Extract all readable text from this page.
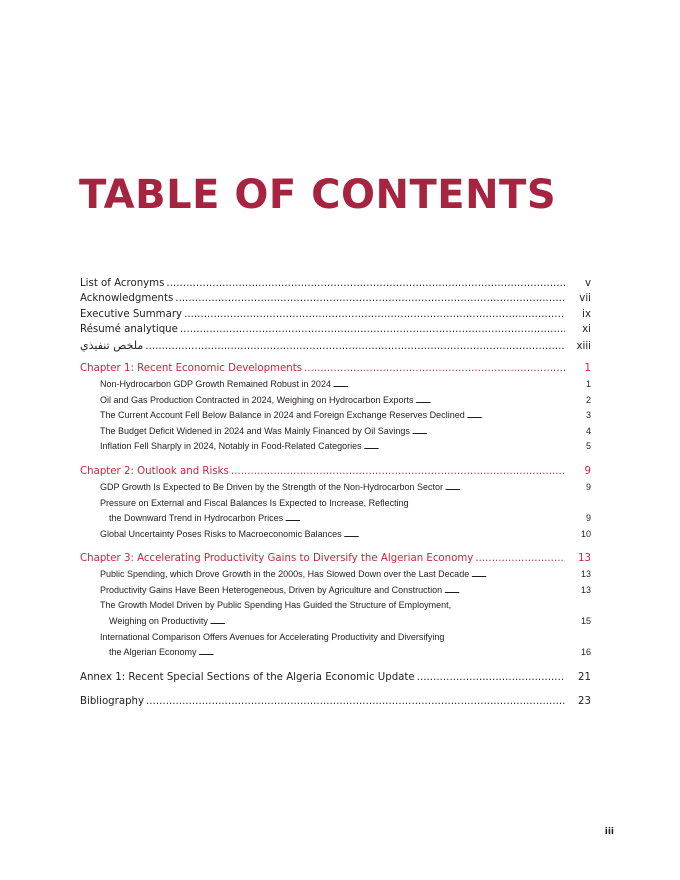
TABLE OF CONTENTS
List of Acronyms . . .	v
Acknowledgments . . .	vii
Executive Summary . . .	ix
Résumé analytique . . .	xi
ملخص تنفيذي . . .	xiii
Chapter 1: Recent Economic Developments . . .	1
Non-Hydrocarbon GDP Growth Remained Robust in 2024 . . .	1
Oil and Gas Production Contracted in 2024, Weighing on Hydrocarbon Exports . . .	2
The Current Account Fell Below Balance in 2024 and Foreign Exchange Reserves Declined . . .	3
The Budget Deficit Widened in 2024 and Was Mainly Financed by Oil Savings . . .	4
Inflation Fell Sharply in 2024, Notably in Food-Related Categories . . .	5
Chapter 2: Outlook and Risks . . .	9
GDP Growth Is Expected to Be Driven by the Strength of the Non-Hydrocarbon Sector . . .	9
Pressure on External and Fiscal Balances Is Expected to Increase, Reflecting
the Downward Trend in Hydrocarbon Prices . . .	9
Global Uncertainty Poses Risks to Macroeconomic Balances . . .	10
Chapter 3: Accelerating Productivity Gains to Diversify the Algerian Economy . . .	13
Public Spending, which Drove Growth in the 2000s, Has Slowed Down over the Last Decade . . .	13
Productivity Gains Have Been Heterogeneous, Driven by Agriculture and Construction . . .	13
The Growth Model Driven by Public Spending Has Guided the Structure of Employment,
Weighing on Productivity . . .	15
International Comparison Offers Avenues for Accelerating Productivity and Diversifying
the Algerian Economy . . .	16
Annex 1: Recent Special Sections of the Algeria Economic Update . . .	21
Bibliography . . .	23
iii
